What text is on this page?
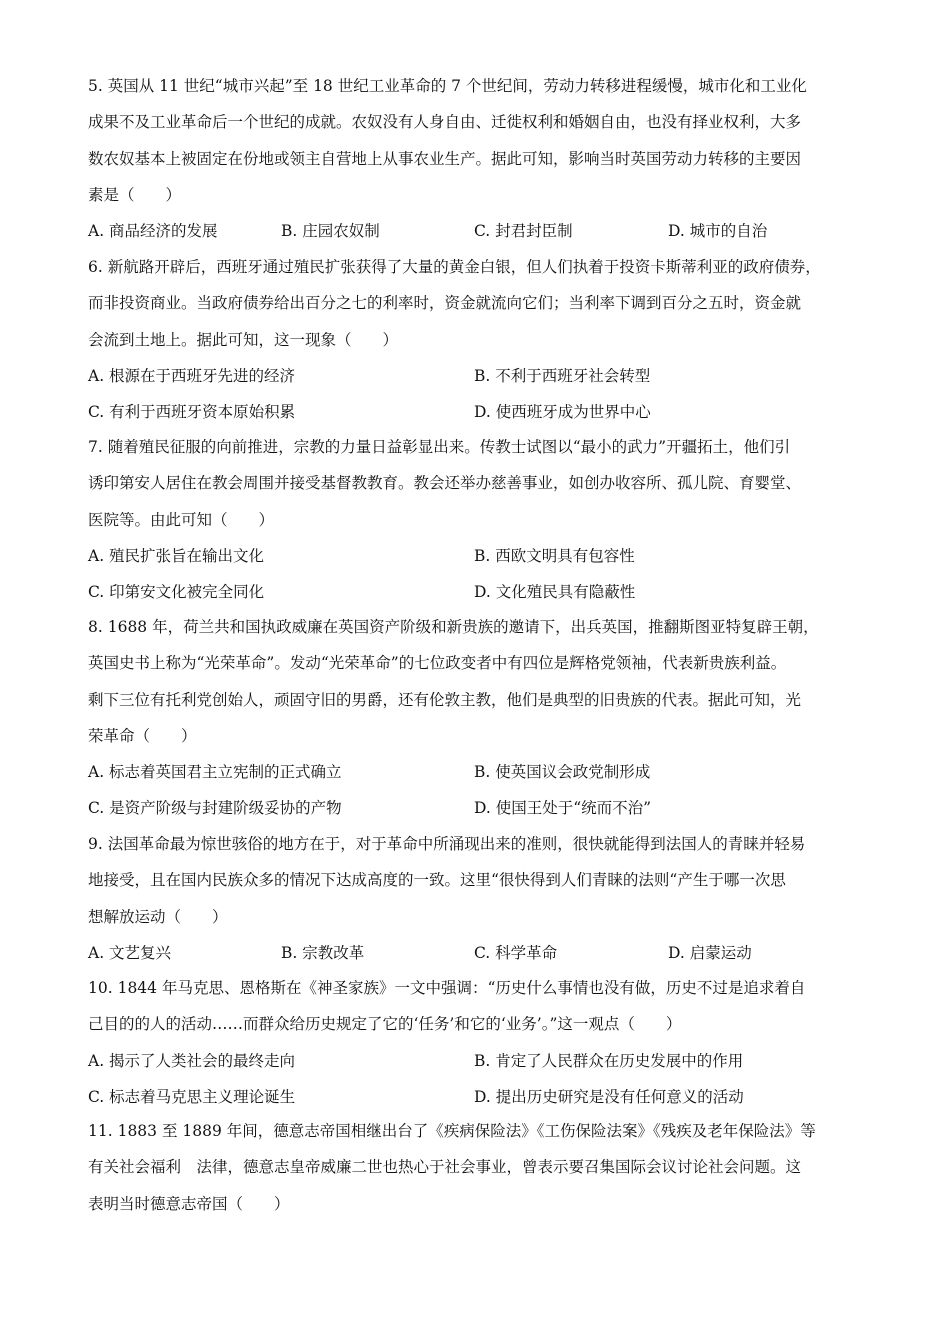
5. 英国从 11 世纪“城市兴起”至 18 世纪工业革命的 7 个世纪间，劳动力转移进程缓慢，城市化和工业化
成果不及工业革命后一个世纪的成就。农奴没有人身自由、迁徙权利和婚姻自由，也没有择业权利，大多
数农奴基本上被固定在份地或领主自营地上从事农业生产。据此可知，影响当时英国劳动力转移的主要因
素是（　　）
A. 商品经济的发展	B. 庄园农奴制	C. 封君封臣制	D. 城市的自治
6. 新航路开辟后，西班牙通过殖民扩张获得了大量的黄金白银，但人们执着于投资卡斯蒂利亚的政府债券，
而非投资商业。当政府债券给出百分之七的利率时，资金就流向它们；当利率下调到百分之五时，资金就
会流到土地上。据此可知，这一现象（　　）
A. 根源在于西班牙先进的经济	B. 不利于西班牙社会转型
C. 有利于西班牙资本原始积累	D. 使西班牙成为世界中心
7. 随着殖民征服的向前推进，宗教的力量日益彰显出来。传教士试图以“最小的武力”开疆拓土，他们引
诱印第安人居住在教会周围并接受基督教教育。教会还举办慈善事业，如创办收容所、孤儿院、育婴堂、
医院等。由此可知（　　）
A. 殖民扩张旨在输出文化	B. 西欧文明具有包容性
C. 印第安文化被完全同化	D. 文化殖民具有隐蔽性
8. 1688 年，荷兰共和国执政威廉在英国资产阶级和新贵族的邀请下，出兵英国，推翻斯图亚特复辟王朝，
英国史书上称为“光荣革命”。发动“光荣革命”的七位政变者中有四位是辉格党领袖，代表新贵族利益。
剩下三位有托利党创始人，顽固守旧的男爵，还有伦敦主教，他们是典型的旧贵族的代表。据此可知，光
荣革命（　　）
A. 标志着英国君主立宪制的正式确立	B. 使英国议会政党制形成
C. 是资产阶级与封建阶级妥协的产物	D. 使国王处于“统而不治”
9. 法国革命最为惊世骇俗的地方在于，对于革命中所涌现出来的准则，很快就能得到法国人的青睐并轻易
地接受，且在国内民族众多的情况下达成高度的一致。这里“很快得到人们青睐的法则“产生于哪一次思
想解放运动（　　）
A. 文艺复兴	B. 宗教改革	C. 科学革命	D. 启蒙运动
10. 1844 年马克思、恩格斯在《神圣家族》一文中强调：“历史什么事情也没有做，历史不过是追求着自
己目的的人的活动……而群众给历史规定了它的‘任务’和它的‘业务’。”这一观点（　　）
A. 揭示了人类社会的最终走向	B. 肯定了人民群众在历史发展中的作用
C. 标志着马克思主义理论诞生	D. 提出历史研究是没有任何意义的活动
11. 1883 至 1889 年间，德意志帝国相继出台了《疾病保险法》《工伤保险法案》《残疾及老年保险法》等
有关社会福利　法律，德意志皇帝威廉二世也热心于社会事业，曾表示要召集国际会议讨论社会问题。这
表明当时德意志帝国（　　）
